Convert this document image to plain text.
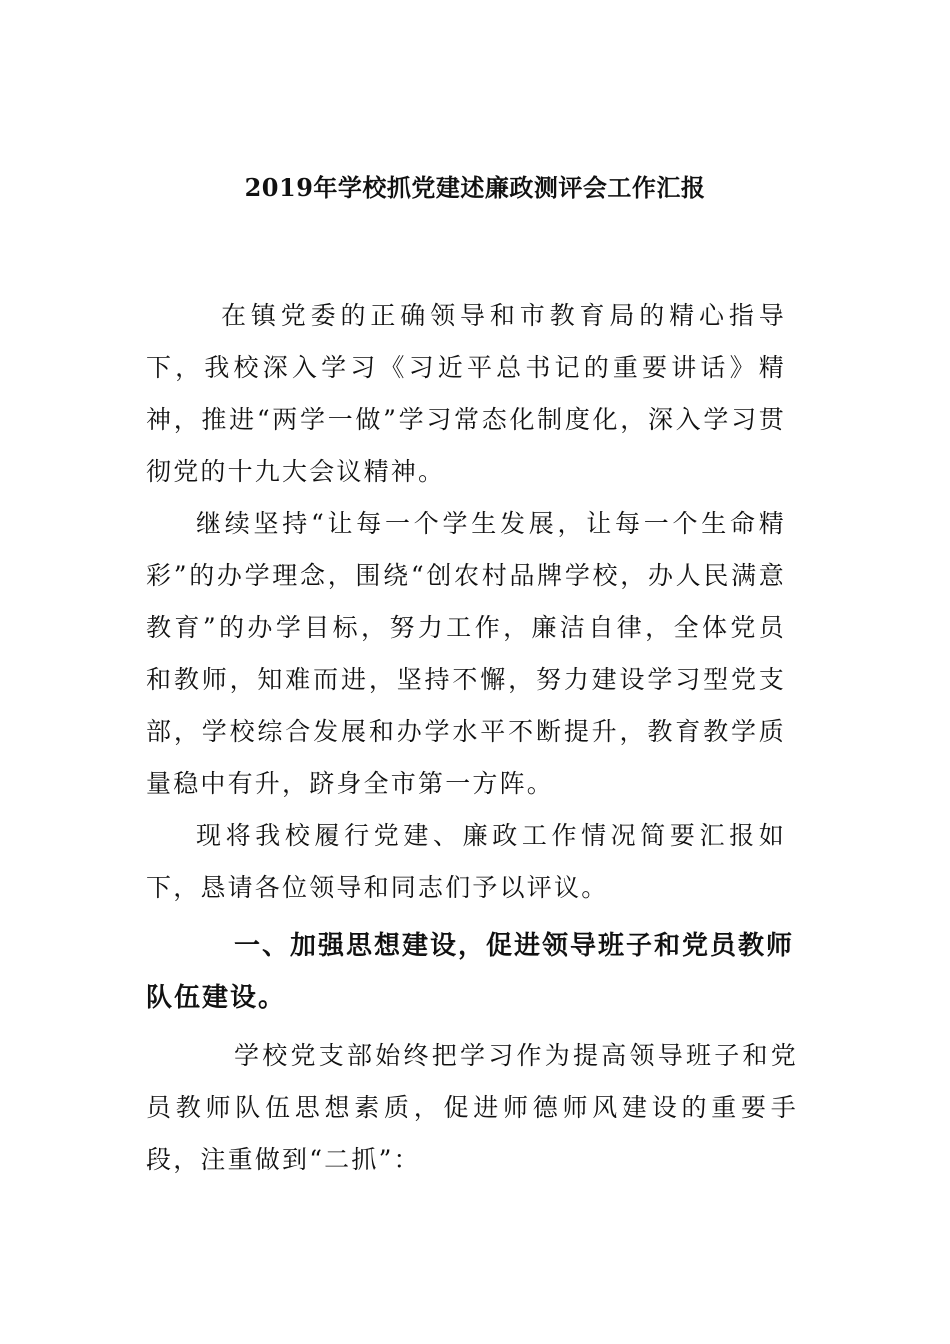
2019年学校抓党建述廉政测评会工作汇报

在镇党委的正确领导和市教育局的精心指导下，我校深入学习《习近平总书记的重要讲话》精神，推进“两学一做”学习常态化制度化，深入学习贯彻党的十九大会议精神。

继续坚持“让每一个学生发展，让每一个生命精彩”的办学理念，围绕“创农村品牌学校，办人民满意教育”的办学目标，努力工作，廉洁自律，全体党员和教师，知难而进，坚持不懈，努力建设学习型党支部，学校综合发展和办学水平不断提升，教育教学质量稳中有升，跻身全市第一方阵。

现将我校履行党建、廉政工作情况简要汇报如下，恳请各位领导和同志们予以评议。

一、加强思想建设，促进领导班子和党员教师队伍建设。

学校党支部始终把学习作为提高领导班子和党员教师队伍思想素质，促进师德师风建设的重要手段，注重做到“二抓”：
